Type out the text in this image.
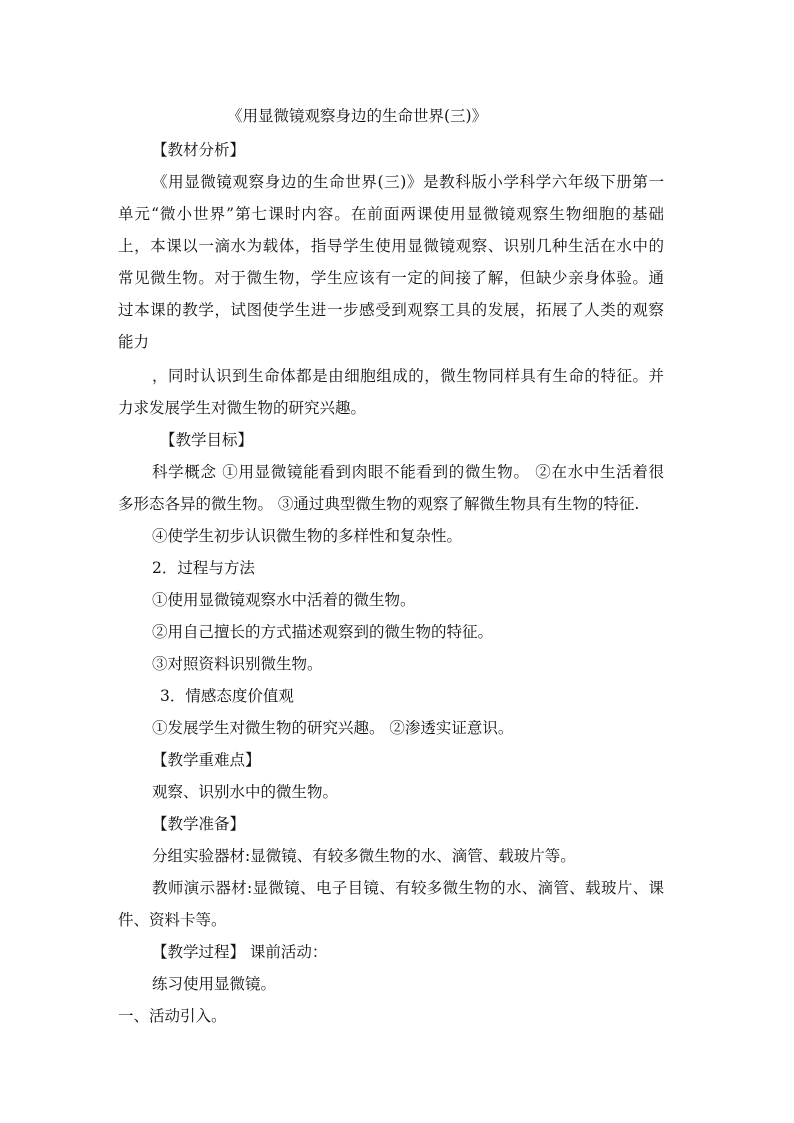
《用显微镜观察身边的生命世界(三)》
【教材分析】
《用显微镜观察身边的生命世界(三)》是教科版小学科学六年级下册第一
单元“微小世界”第七课时内容。在前面两课使用显微镜观察生物细胞的基础
上，本课以一滴水为载体，指导学生使用显微镜观察、识别几种生活在水中的
常见微生物。对于微生物，学生应该有一定的间接了解，但缺少亲身体验。通
过本课的教学，试图使学生进一步感受到观察工具的发展，拓展了人类的观察
能力
，同时认识到生命体都是由细胞组成的，微生物同样具有生命的特征。并
力求发展学生对微生物的研究兴趣。
【教学目标】
科学概念 ①用显微镜能看到肉眼不能看到的微生物。 ②在水中生活着很
多形态各异的微生物。 ③通过典型微生物的观察了解微生物具有生物的特征.
④使学生初步认识微生物的多样性和复杂性。
2．过程与方法
①使用显微镜观察水中活着的微生物。
②用自己擅长的方式描述观察到的微生物的特征。
③对照资料识别微生物。
3．情感态度价值观
①发展学生对微生物的研究兴趣。 ②渗透实证意识。
【教学重难点】
观察、识别水中的微生物。
【教学准备】
分组实验器材:显微镜、有较多微生物的水、滴管、载玻片等。
教师演示器材:显微镜、电子目镜、有较多微生物的水、滴管、载玻片、课
件、资料卡等。
【教学过程】 课前活动：
练习使用显微镜。
一、活动引入。
